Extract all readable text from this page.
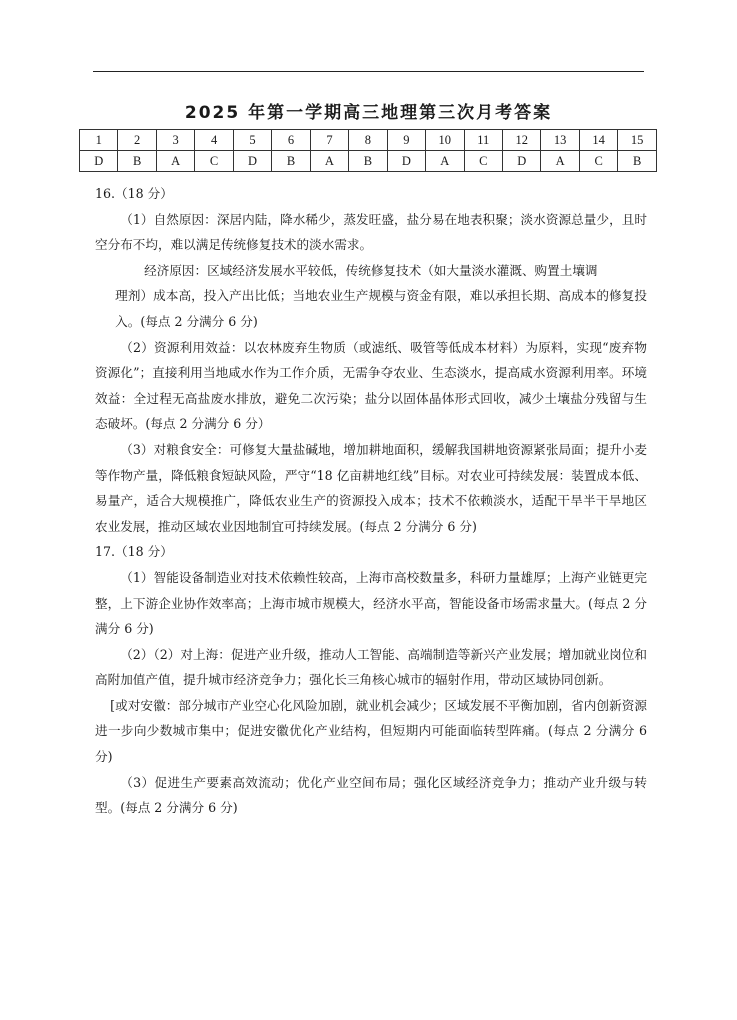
2025 年第一学期高三地理第三次月考答案
1	2	3	4	5	6	7	8	9	10	11	12	13	14	15
D	B	A	C	D	B	A	B	D	A	C	D	A	C	B

16.（18 分）

（1）自然原因：深居内陆，降水稀少，蒸发旺盛，盐分易在地表积聚；淡水资源总量少，且时空分布不均，难以满足传统修复技术的淡水需求。

经济原因：区域经济发展水平较低，传统修复技术（如大量淡水灌溉、购置土壤调

理剂）成本高，投入产出比低；当地农业生产规模与资金有限，难以承担长期、高成本的修复投入。(每点 2 分满分 6 分)

（2）资源利用效益：以农林废弃生物质（或滤纸、吸管等低成本材料）为原料，实现“废弃物资源化”；直接利用当地咸水作为工作介质，无需争夺农业、生态淡水，提高咸水资源利用率。环境效益：全过程无高盐废水排放，避免二次污染；盐分以固体晶体形式回收，减少土壤盐分残留与生态破坏。(每点 2 分满分 6 分）

（3）对粮食安全：可修复大量盐碱地，增加耕地面积，缓解我国耕地资源紧张局面；提升小麦等作物产量，降低粮食短缺风险，严守“18 亿亩耕地红线”目标。对农业可持续发展：装置成本低、易量产，适合大规模推广，降低农业生产的资源投入成本；技术不依赖淡水，适配干旱半干旱地区农业发展，推动区域农业因地制宜可持续发展。(每点 2 分满分 6 分)

17.（18 分）

（1）智能设备制造业对技术依赖性较高，上海市高校数量多，科研力量雄厚；上海产业链更完整，上下游企业协作效率高；上海市城市规模大，经济水平高，智能设备市场需求量大。(每点 2 分满分 6 分)

（2）（2）对上海：促进产业升级，推动人工智能、高端制造等新兴产业发展；增加就业岗位和高附加值产值，提升城市经济竞争力；强化长三角核心城市的辐射作用，带动区域协同创新。

[或对安徽：部分城市产业空心化风险加剧，就业机会减少；区域发展不平衡加剧，省内创新资源进一步向少数城市集中；促进安徽优化产业结构，但短期内可能面临转型阵痛。(每点 2 分满分 6 分)

（3）促进生产要素高效流动；优化产业空间布局；强化区域经济竞争力；推动产业升级与转型。(每点 2 分满分 6 分)
